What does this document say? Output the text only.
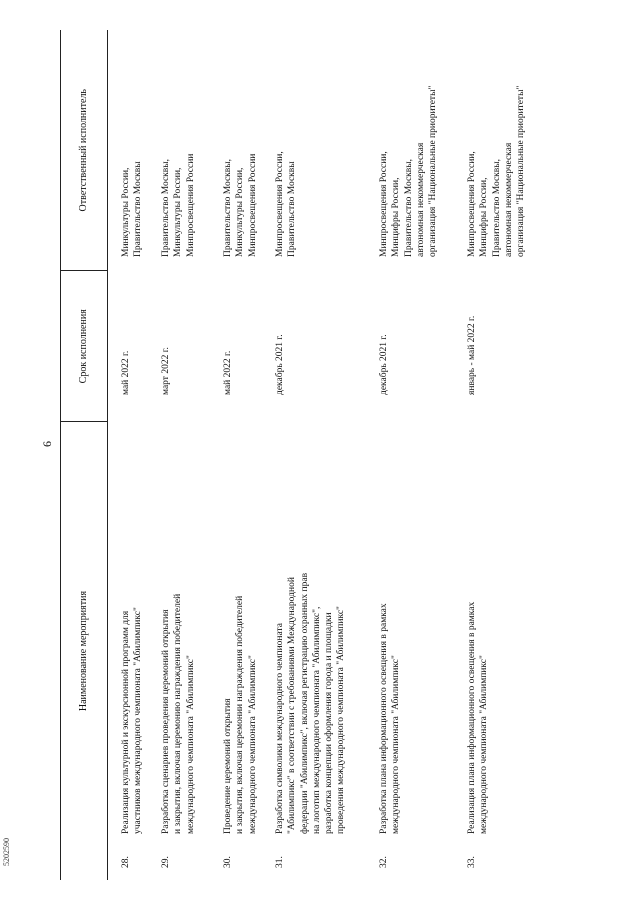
6
5202590
Наименование мероприятия
Срок исполнения
Ответственный исполнитель
28.
Реализация культурной и экскурсионной программ для
участников международного чемпионата "Абилимпикс"
май 2022 г.
Минкультуры России,
Правительство Москвы
29.
Разработка сценариев проведения церемоний открытия
и закрытия, включая церемонию награждения победителей
международного чемпионата "Абилимпикс"
март 2022 г.
Правительство Москвы,
Минкультуры России,
Минпросвещения России
30.
Проведение церемоний открытия
и закрытия, включая церемонии награждения победителей
международного чемпионата "Абилимпикс"
май 2022 г.
Правительство Москвы,
Минкультуры России,
Минпросвещения России
31.
Разработка символики международного чемпионата
"Абилимпикс" в соответствии с требованиями Международной
федерации "Абилимпикс", включая регистрацию охранных прав
на логотип международного чемпионата "Абилимпикс",
разработка концепции оформления города и площадки
проведения международного чемпионата "Абилимпикс"
декабрь 2021 г.
Минпросвещения России,
Правительство Москвы
32.
Разработка плана информационного освещения в рамках
международного чемпионата "Абилимпикс"
декабрь 2021 г.
Минпросвещения России,
Минцифры России,
Правительство Москвы,
автономная некоммерческая
организация "Национальные приоритеты"
33.
Реализация плана информационного освещения в рамках
международного чемпионата "Абилимпикс"
январь - май 2022 г.
Минпросвещения России,
Минцифры России,
Правительство Москвы,
автономная некоммерческая
организация "Национальные приоритеты"
